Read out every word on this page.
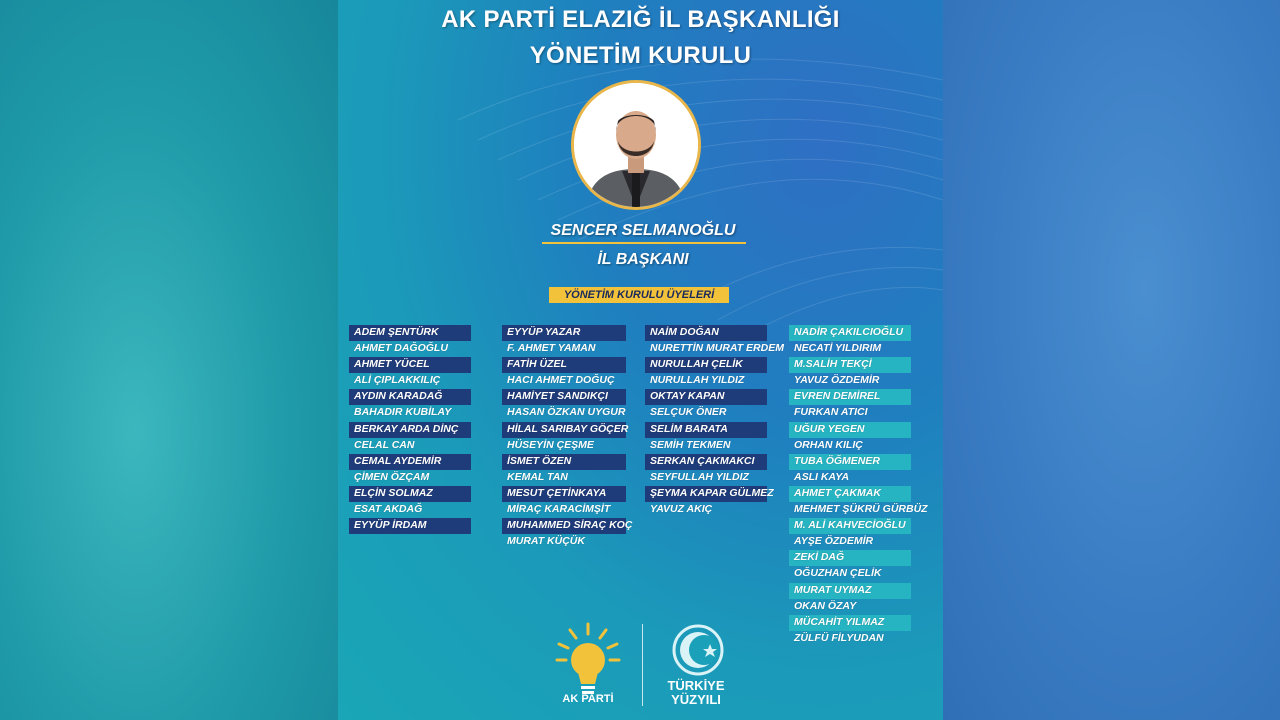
AK PARTİ ELAZIĞ İL BAŞKANLIĞI
YÖNETİM KURULU
SENCER SELMANOĞLU
İL BAŞKANI
YÖNETİM KURULU ÜYELERİ
ADEM ŞENTÜRK
AHMET DAĞOĞLU
AHMET YÜCEL
ALİ ÇIPLAKKILIÇ
AYDIN KARADAĞ
BAHADIR KUBİLAY
BERKAY ARDA DİNÇ
CELAL CAN
CEMAL AYDEMİR
ÇİMEN ÖZÇAM
ELÇİN SOLMAZ
ESAT AKDAĞ
EYYÜP İRDAM
EYYÜP YAZAR
F. AHMET YAMAN
FATİH ÜZEL
HACI AHMET DOĞUÇ
HAMİYET SANDIKÇI
HASAN ÖZKAN UYGUR
HİLAL SARIBAY GÖÇER
HÜSEYİN ÇEŞME
İSMET ÖZEN
KEMAL TAN
MESUT ÇETİNKAYA
MİRAÇ KARACİMŞİT
MUHAMMED SİRAÇ KOÇ
MURAT KÜÇÜK
NAİM DOĞAN
NURETTİN MURAT ERDEM
NURULLAH ÇELİK
NURULLAH YILDIZ
OKTAY KAPAN
SELÇUK ÖNER
SELİM BARATA
SEMİH TEKMEN
SERKAN ÇAKMAKCI
SEYFULLAH YILDIZ
ŞEYMA KAPAR GÜLMEZ
YAVUZ AKIÇ
NADİR ÇAKILCIOĞLU
NECATİ YILDIRIM
M.SALİH TEKÇİ
YAVUZ ÖZDEMİR
EVREN DEMİREL
FURKAN ATICI
UĞUR YEGEN
ORHAN KILIÇ
TUBA ÖĞMENER
ASLI KAYA
AHMET ÇAKMAK
MEHMET ŞÜKRÜ GÜRBÜZ
M. ALİ KAHVECİOĞLU
AYŞE ÖZDEMİR
ZEKİ DAĞ
OĞUZHAN ÇELİK
MURAT UYMAZ
OKAN ÖZAY
MÜCAHİT YILMAZ
ZÜLFÜ FİLYUDAN
AK PARTİ
TÜRKİYE
YÜZYILI
